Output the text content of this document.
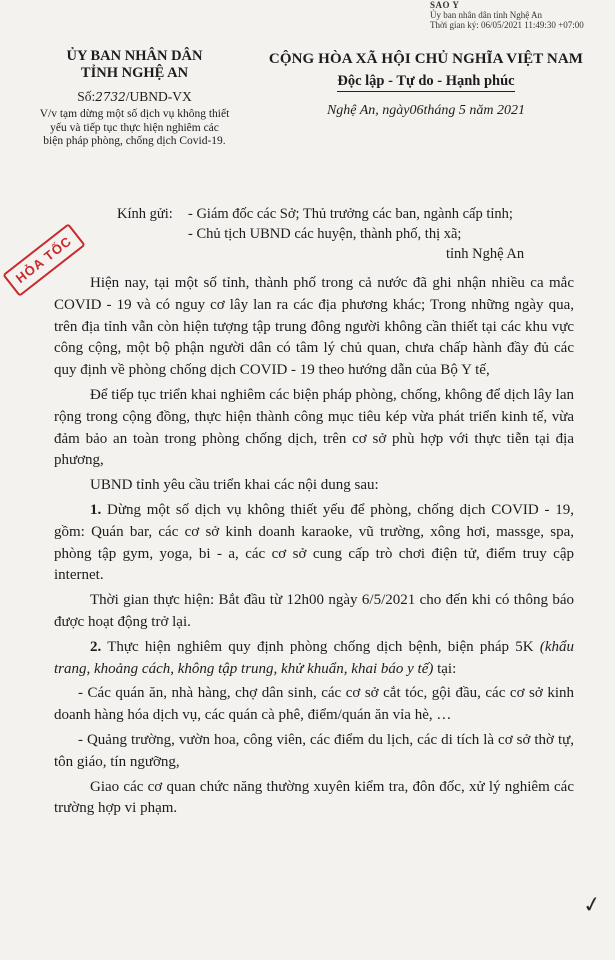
SAO Y
Ủy ban nhân dân tỉnh Nghệ An
Thời gian ký: 06/05/2021 11:49:30 +07:00
ỦY BAN NHÂN DÂN
TỈNH NGHỆ AN
Số:2732/UBND-VX
V/v tạm dừng một số dịch vụ không thiết
yếu và tiếp tục thực hiện nghiêm các
biện pháp phòng, chống dịch Covid-19.
CỘNG HÒA XÃ HỘI CHỦ NGHĨA VIỆT NAM
Độc lập - Tự do - Hạnh phúc
Nghệ An, ngày06tháng 5 năm 2021
Kính gửi: - Giám đốc các Sở; Thủ trưởng các ban, ngành cấp tỉnh;
- Chủ tịch UBND các huyện, thành phố, thị xã;
tỉnh Nghệ An
HỎA TỐC	Hiện nay, tại một số tỉnh, thành phố trong cả nước đã ghi nhận nhiều ca mắc COVID - 19 và có nguy cơ lây lan ra các địa phương khác; Trong những ngày qua, trên địa tỉnh vẫn còn hiện tượng tập trung đông người không cần thiết tại các khu vực công cộng, một bộ phận người dân có tâm lý chủ quan, chưa chấp hành đầy đủ các quy định về phòng chống dịch COVID - 19 theo hướng dẫn của Bộ Y tế,

Để tiếp tục triển khai nghiêm các biện pháp phòng, chống, không để dịch lây lan rộng trong cộng đồng, thực hiện thành công mục tiêu kép vừa phát triển kinh tế, vừa đảm bảo an toàn trong phòng chống dịch, trên cơ sở phù hợp với thực tiễn tại địa phương,

UBND tỉnh yêu cầu triển khai các nội dung sau:

1. Dừng một số dịch vụ không thiết yếu để phòng, chống dịch COVID - 19, gồm: Quán bar, các cơ sở kinh doanh karaoke, vũ trường, xông hơi, massge, spa, phòng tập gym, yoga, bi - a, các cơ sở cung cấp trò chơi điện tử, điểm truy cập internet.

Thời gian thực hiện: Bắt đầu từ 12h00 ngày 6/5/2021 cho đến khi có thông báo được hoạt động trở lại.

2. Thực hiện nghiêm quy định phòng chống dịch bệnh, biện pháp 5K (khẩu trang, khoảng cách, không tập trung, khử khuẩn, khai báo y tế) tại:

- Các quán ăn, nhà hàng, chợ dân sinh, các cơ sở cắt tóc, gội đầu, các cơ sở kinh doanh hàng hóa dịch vụ, các quán cà phê, điểm/quán ăn vỉa hè, …

- Quảng trường, vườn hoa, công viên, các điểm du lịch, các di tích là cơ sở thờ tự, tôn giáo, tín ngưỡng,

Giao các cơ quan chức năng thường xuyên kiểm tra, đôn đốc, xử lý nghiêm các trường hợp vi phạm.

✓
